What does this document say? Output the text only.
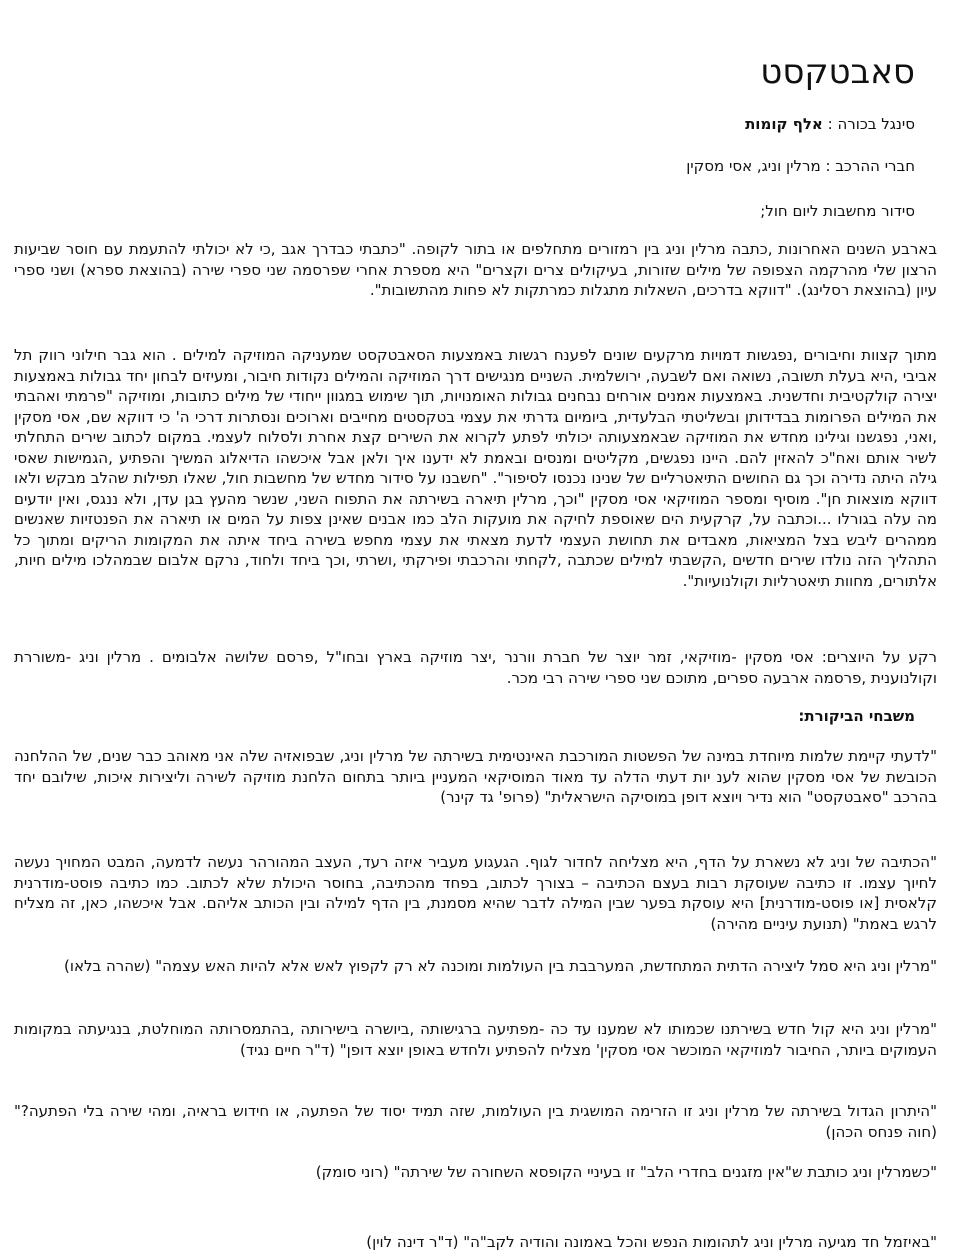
סאבטקסט

סינגל בכורה : אלף קומות

חברי ההרכב : מרלין וניג, אסי מסקין

סידור מחשבות ליום חול;

בארבע השנים האחרונות ,כתבה מרלין וניג בין רמזורים מתחלפים או בתור לקופה. "כתבתי כבדרך אגב ,כי לא יכולתי להתעמת עם חוסר שביעות הרצון שלי מהרקמה הצפופה של מילים שזורות, בעיקולים צרים וקצרים" היא מספרת אחרי שפרסמה שני ספרי שירה (בהוצאת ספרא) ושני ספרי עיון (בהוצאת רסלינג). "דווקא בדרכים, השאלות מתגלות כמרתקות לא פחות מהתשובות".

מתוך קצוות וחיבורים ,נפגשות דמויות מרקעים שונים לפענח רגשות באמצעות הסאבטקסט שמעניקה המוזיקה למילים . הוא גבר חילוני רווק תל אביבי ,היא בעלת תשובה, נשואה ואם לשבעה, ירושלמית. השניים מנגישים דרך המוזיקה והמילים נקודות חיבור, ומעיזים לבחון יחד גבולות באמצעות יצירה קולקטיבית וחדשנית. באמצעות אמנים אורחים נבחנים גבולות האומנויות, תוך שימוש במגוון ייחודי של מילים כתובות, ומוזיקה "פרמתי ואהבתי את המילים הפרומות בבדידותן ובשליטתי הבלעדית, ביומיום גדרתי את עצמי בטקסטים מחייבים וארוכים ונסתרות דרכי ה' כי דווקא שם, אסי מסקין ,ואני, נפגשנו וגילינו מחדש את המוזיקה שבאמצעותה יכולתי לפתע לקרוא את השירים קצת אחרת ולסלוח לעצמי. במקום לכתוב שירים התחלתי לשיר אותם ואח"כ להאזין להם. היינו נפגשים, מקליטים ומנסים ובאמת לא ידענו איך ולאן אבל איכשהו הדיאלוג המשיך והפתיע ,הגמישות שאסי גילה היתה נדירה וכך גם החושים התיאטרליים של שנינו נכנסו לסיפור". "חשבנו על סידור מחדש של מחשבות חול, שאלו תפילות שהלב מבקש ולאו דווקא מוצאות חן". מוסיף ומספר המוזיקאי אסי מסקין "וכך, מרלין תיארה בשירתה את התפוח השני, שנשר מהעץ בגן עדן, ולא ננגס, ואין יודעים מה עלה בגורלו ...וכתבה על, קרקעית הים שאוספת לחיקה את מועקות הלב כמו אבנים שאינן צפות על המים או תיארה את הפנטזיות שאנשים ממהרים ליבש בצל המציאות, מאבדים את תחושת העצמי לדעת מצאתי את עצמי מחפש בשירה ביחד איתה את המקומות הריקים ומתוך כל התהליך הזה נולדו שירים חדשים ,הקשבתי למילים שכתבה ,לקחתי והרכבתי ופירקתי ,ושרתי ,וכך ביחד ולחוד, נרקם אלבום שבמהלכו מילים חיות, אלתורים, מחוות תיאטרליות וקולנועיות".

רקע על היוצרים: אסי מסקין -מוזיקאי, זמר יוצר של חברת וורנר ,יצר מוזיקה בארץ ובחו"ל ,פרסם שלושה אלבומים . מרלין וניג -משוררת וקולנוענית ,פרסמה ארבעה ספרים, מתוכם שני ספרי שירה רבי מכר.

משבחי הביקורת:

"לדעתי קיימת שלמות מיוחדת במינה של הפשטות המורכבת האינטימית בשירתה של מרלין וניג, שבפואזיה שלה אני מאוהב כבר שנים, של ההלחנה הכובשת של אסי מסקין שהוא לענ יות דעתי הדלה עד מאוד המוסיקאי המעניין ביותר בתחום הלחנת מוזיקה לשירה וליצירות איכות, שילובם יחד בהרכב "סאבטקסט" הוא נדיר ויוצא דופן במוסיקה הישראלית" (פרופ' גד קינר)

"הכתיבה של וניג לא נשארת על הדף, היא מצליחה לחדור לגוף. הגעגוע מעביר איזה רעד, העצב המהורהר נעשה לדמעה, המבט המחויך נעשה לחיוך עצמו. זו כתיבה שעוסקת רבות בעצם הכתיבה – בצורך לכתוב, בפחד מהכתיבה, בחוסר היכולת שלא לכתוב. כמו כתיבה פוסט-מודרנית קלאסית [או פוסט-מודרנית] היא עוסקת בפער שבין המילה לדבר שהיא מסמנת, בין הדף למילה ובין הכותב אליהם. אבל איכשהו, כאן, זה מצליח לרגש באמת" (תנועת עיניים מהירה)

"מרלין וניג היא סמל ליצירה הדתית המתחדשת, המערבבת בין העולמות ומוכנה לא רק לקפוץ לאש אלא להיות האש עצמה" (שהרה בלאו)

"מרלין וניג היא קול חדש בשירתנו שכמותו לא שמענו עד כה -מפתיעה ברגישותה ,ביושרה בישירותה ,בהתמסרותה המוחלטת, בנגיעתה במקומות העמוקים ביותר, החיבור למוזיקאי המוכשר אסי מסקין' מצליח להפתיע ולחדש באופן יוצא דופן" (ד"ר חיים נגיד)

"היתרון הגדול בשירתה של מרלין וניג זו הזרימה המושגית בין העולמות, שזה תמיד יסוד של הפתעה, או חידוש בראיה, ומהי שירה בלי הפתעה?" (חוה פנחס הכהן)

"כשמרלין וניג כותבת ש"אין מזגנים בחדרי הלב" זו בעיניי הקופסא השחורה של שירתה" (רוני סומק)

"באיזמל חד מגיעה מרלין וניג לתהומות הנפש והכל באמונה והודיה לקב"ה" (ד"ר דינה לוין)
